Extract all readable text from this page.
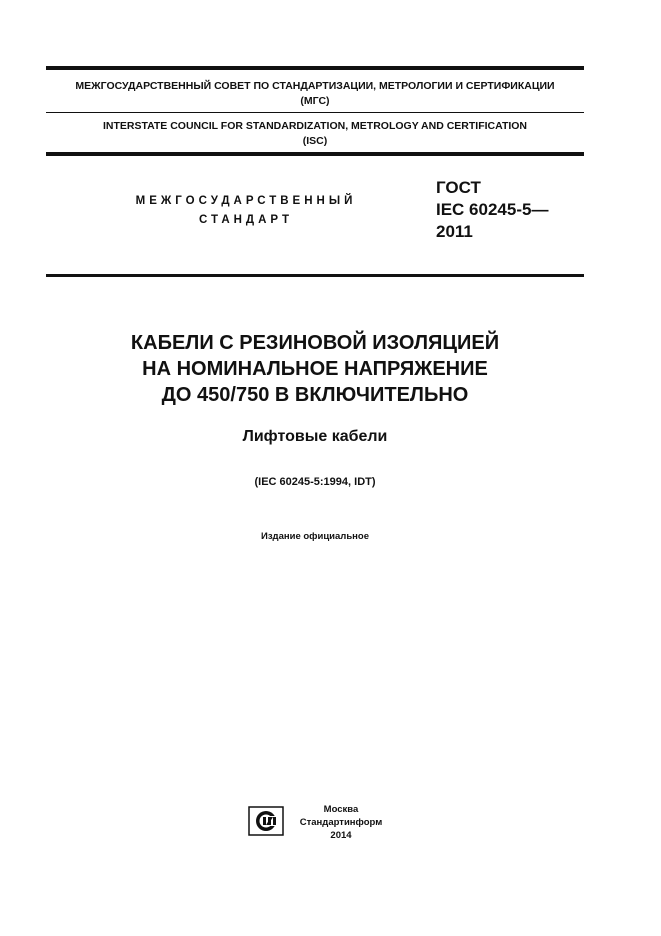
МЕЖГОСУДАРСТВЕННЫЙ СОВЕТ ПО СТАНДАРТИЗАЦИИ, МЕТРОЛОГИИ И СЕРТИФИКАЦИИ
(МГС)
INTERSTATE COUNCIL FOR STANDARDIZATION, METROLOGY AND CERTIFICATION
(ISC)
МЕЖГОСУДАРСТВЕННЫЙ
СТАНДАРТ
ГОСТ
IEC 60245-5—
2011
КАБЕЛИ С РЕЗИНОВОЙ ИЗОЛЯЦИЕЙ
НА НОМИНАЛЬНОЕ НАПРЯЖЕНИЕ
ДО 450/750 В ВКЛЮЧИТЕЛЬНО
Лифтовые кабели
(IEC 60245-5:1994, IDT)
Издание официальное
Москва
Стандартинформ
2014
